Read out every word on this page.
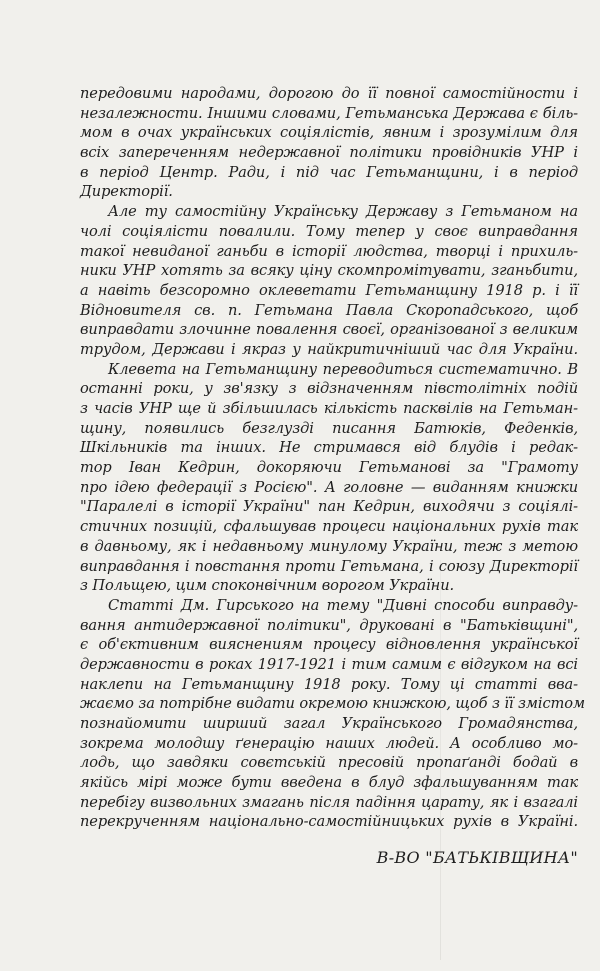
передовими народами, дорогою до її повної самостійности і
незалежности. Іншими словами, Гетьманська Держава є біль-
мом в очах українських соціялістів, явним і зрозумілим для
всіх запереченням недержавної політики провідників УНР і
в період Центр. Ради, і під час Гетьманщини, і в період
Директорії.
Але ту самостійну Українську Державу з Гетьманом на
чолі соціялісти повалили. Тому тепер у своє виправдання
такої невиданої ганьби в історії людства, творці і прихиль-
ники УНР хотять за всяку ціну скомпромітувати, зганьбити,
а навіть безсоромно оклеветати Гетьманщину 1918 р. і її
Відновителя св. п. Гетьмана Павла Скоропадського, щоб
виправдати злочинне повалення своєї, організованої з великим
трудом, Держави і якраз у найкритичніший час для України.
Клевета на Гетьманщину переводиться систематично. В
останні роки, у зв'язку з відзначенням півстолітніх подій
з часів УНР ще й збільшилась кількість пасквілів на Гетьман-
щину, появились безглузді писання Батюків, Феденків,
Шкільників та інших. Не стримався від блудів і редак-
тор Іван Кедрин, докоряючи Гетьманові за "Грамоту
про ідею федерації з Росією". А головне — виданням книжки
"Паралелі в історії України" пан Кедрин, виходячи з соціялі-
стичних позицій, сфальшував процеси національних рухів так
в давньому, як і недавньому минулому України, теж з метою
виправдання і повстання проти Гетьмана, і союзу Директорії
з Польщею, цим споконвічним ворогом України.
Статті Дм. Гирського на тему "Дивні способи виправду-
вання антидержавної політики", друковані в "Батьківщині",
є об'єктивним вияснениям процесу відновлення української
державности в роках 1917-1921 і тим самим є відгуком на всі
наклепи на Гетьманщину 1918 року. Тому ці статті вва-
жаємо за потрібне видати окремою книжкою, щоб з її змістом
познайомити ширший загал Українського Громадянства,
зокрема молодшу ґенерацію наших людей. А особливо мо-
лодь, що завдяки совєтській пресовій пропаґанді бодай в
якійсь мірі може бути введена в блуд зфальшуванням так
перебігу визвольних змагань після падіння царату, як і взагалі
перекрученням національно-самостійницьких рухів в Україні.
В-ВО "БАТЬКІВЩИНА"
